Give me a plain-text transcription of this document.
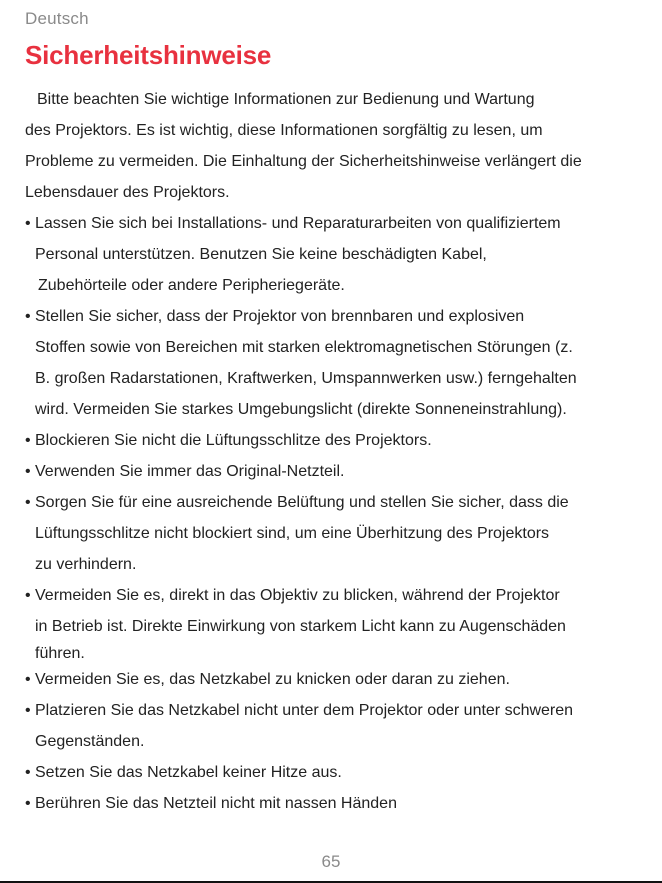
Deutsch
Sicherheitshinweise
Bitte beachten Sie wichtige Informationen zur Bedienung und Wartung
des Projektors. Es ist wichtig, diese Informationen sorgfältig zu lesen, um
Probleme zu vermeiden. Die Einhaltung der Sicherheitshinweise verlängert die
Lebensdauer des Projektors.
• Lassen Sie sich bei Installations- und Reparaturarbeiten von qualifiziertem
Personal unterstützen. Benutzen Sie keine beschädigten Kabel,
Zubehörteile oder andere Peripheriegeräte.
• Stellen Sie sicher, dass der Projektor von brennbaren und explosiven
Stoffen sowie von Bereichen mit starken elektromagnetischen Störungen (z.
B. großen Radarstationen, Kraftwerken, Umspannwerken usw.) ferngehalten
wird. Vermeiden Sie starkes Umgebungslicht (direkte Sonneneinstrahlung).
• Blockieren Sie nicht die Lüftungsschlitze des Projektors.
• Verwenden Sie immer das Original-Netzteil.
• Sorgen Sie für eine ausreichende Belüftung und stellen Sie sicher, dass die
Lüftungsschlitze nicht blockiert sind, um eine Überhitzung des Projektors
zu verhindern.
• Vermeiden Sie es, direkt in das Objektiv zu blicken, während der Projektor
in Betrieb ist. Direkte Einwirkung von starkem Licht kann zu Augenschäden
führen.
• Vermeiden Sie es, das Netzkabel zu knicken oder daran zu ziehen.
• Platzieren Sie das Netzkabel nicht unter dem Projektor oder unter schweren
Gegenständen.
• Setzen Sie das Netzkabel keiner Hitze aus.
• Berühren Sie das Netzteil nicht mit nassen Händen
65
